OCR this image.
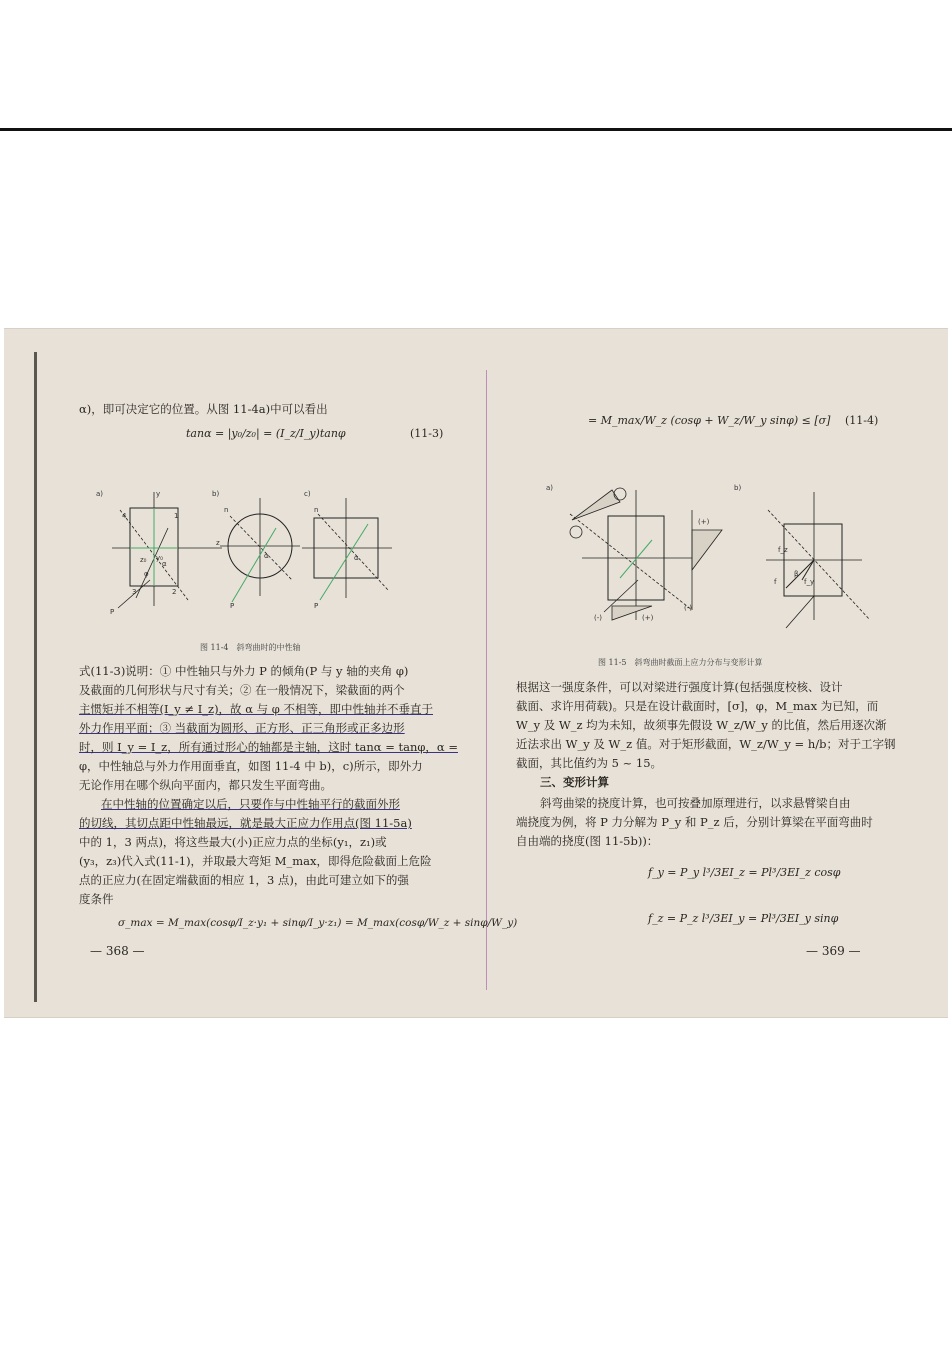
α)，即可决定它的位置。从图 11-4a)中可以看出
tanα = |y₀/z₀| = (I_z/I_y)tanφ	(11-3)
a)	y
z
4	1
3	2
α
φ
y₀
z₀
P
b)
n
P
α
c)
n
P
α
图 11-4　斜弯曲时的中性轴
式(11-3)说明：① 中性轴只与外力 P 的倾角(P 与 y 轴的夹角 φ)
及截面的几何形状与尺寸有关；② 在一般情况下，梁截面的两个
主惯矩并不相等(I_y ≠ I_z)，故 α 与 φ 不相等，即中性轴并不垂直于
外力作用平面；③ 当截面为圆形、正方形、正三角形或正多边形
时，则 I_y = I_z，所有通过形心的轴都是主轴，这时 tanα = tanφ，α =
φ，中性轴总与外力作用面垂直，如图 11-4 中 b)，c)所示，即外力
无论作用在哪个纵向平面内，都只发生平面弯曲。
在中性轴的位置确定以后，只要作与中性轴平行的截面外形
的切线，其切点距中性轴最远，就是最大正应力作用点(图 11-5a)
中的 1，3 两点)，将这些最大(小)正应力点的坐标(y₁，z₁)或
(y₃，z₃)代入式(11-1)，并取最大弯矩 M_max，即得危险截面上危险
点的正应力(在固定端截面的相应 1，3 点)，由此可建立如下的强
度条件
σ_max = M_max(cosφ/I_z·y₁ + sinφ/I_y·z₁) = M_max(cosφ/W_z + sinφ/W_y)
— 368 —
= M_max/W_z (cosφ + W_z/W_y sinφ) ≤ [σ] (11-4)
a)
(+)
(-)
(-)	(+)
b)
f_z
f	f_y
β
图 11-5　斜弯曲时截面上应力分布与变形计算
根据这一强度条件，可以对梁进行强度计算(包括强度校核、设计
截面、求许用荷载)。只是在设计截面时，[σ]，φ，M_max 为已知，而
W_y 及 W_z 均为未知，故须事先假设 W_z/W_y 的比值，然后用逐次渐
近法求出 W_y 及 W_z 值。对于矩形截面，W_z/W_y = h/b；对于工字钢
截面，其比值约为 5 ~ 15。
三、变形计算
斜弯曲梁的挠度计算，也可按叠加原理进行，以求悬臂梁自由
端挠度为例，将 P 力分解为 P_y 和 P_z 后，分别计算梁在平面弯曲时
自由端的挠度(图 11-5b))：
f_y = P_y l³/3EI_z = Pl³/3EI_z cosφ
f_z = P_z l³/3EI_y = Pl³/3EI_y sinφ
— 369 —
